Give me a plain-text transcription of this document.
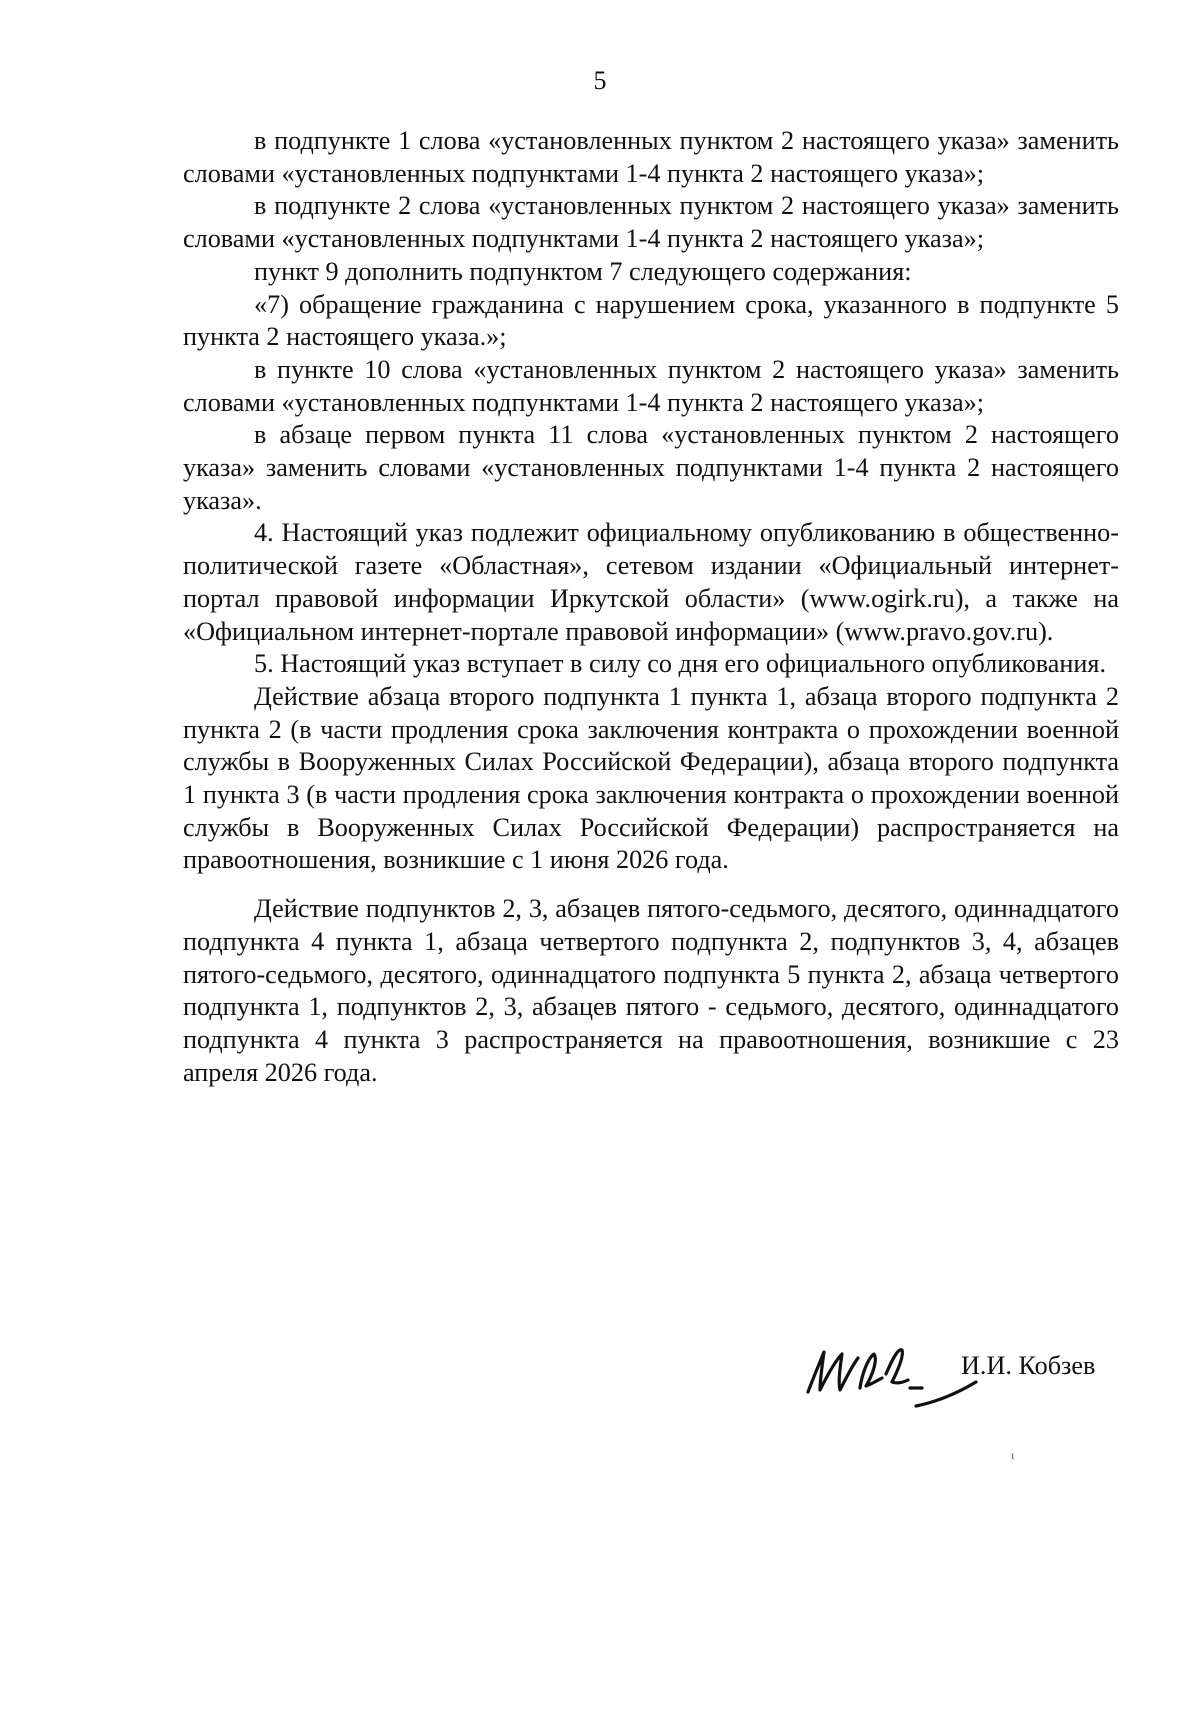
5

в подпункте 1 слова «установленных пунктом 2 настоящего указа» заменить словами «установленных подпунктами 1-4 пункта 2 настоящего указа»;

в подпункте 2 слова «установленных пунктом 2 настоящего указа» заменить словами «установленных подпунктами 1-4 пункта 2 настоящего указа»;

пункт 9 дополнить подпунктом 7 следующего содержания:

«7) обращение гражданина с нарушением срока, указанного в подпункте 5 пункта 2 настоящего указа.»;

в пункте 10 слова «установленных пунктом 2 настоящего указа» заменить словами «установленных подпунктами 1-4 пункта 2 настоящего указа»;

в абзаце первом пункта 11 слова «установленных пунктом 2 настоящего указа» заменить словами «установленных подпунктами 1-4 пункта 2 настоящего указа».

4. Настоящий указ подлежит официальному опубликованию в общественно-политической газете «Областная», сетевом издании «Официальный интернет-портал правовой информации Иркутской области» (www.ogirk.ru), а также на «Официальном интернет-портале правовой информации» (www.pravo.gov.ru).

5. Настоящий указ вступает в силу со дня его официального опубликования.

Действие абзаца второго подпункта 1 пункта 1, абзаца второго подпункта 2 пункта 2 (в части продления срока заключения контракта о прохождении военной службы в Вооруженных Силах Российской Федерации), абзаца второго подпункта 1 пункта 3 (в части продления срока заключения контракта о прохождении военной службы в Вооруженных Силах Российской Федерации) распространяется на правоотношения, возникшие с 1 июня 2026 года.

Действие подпунктов 2, 3, абзацев пятого-седьмого, десятого, одиннадцатого подпункта 4 пункта 1, абзаца четвертого подпункта 2, подпунктов 3, 4, абзацев пятого-седьмого, десятого, одиннадцатого подпункта 5 пункта 2, абзаца четвертого подпункта 1, подпунктов 2, 3, абзацев пятого - седьмого, десятого, одиннадцатого подпункта 4 пункта 3 распространяется на правоотношения, возникшие с 23 апреля 2026 года.

И.И. Кобзев
ı
